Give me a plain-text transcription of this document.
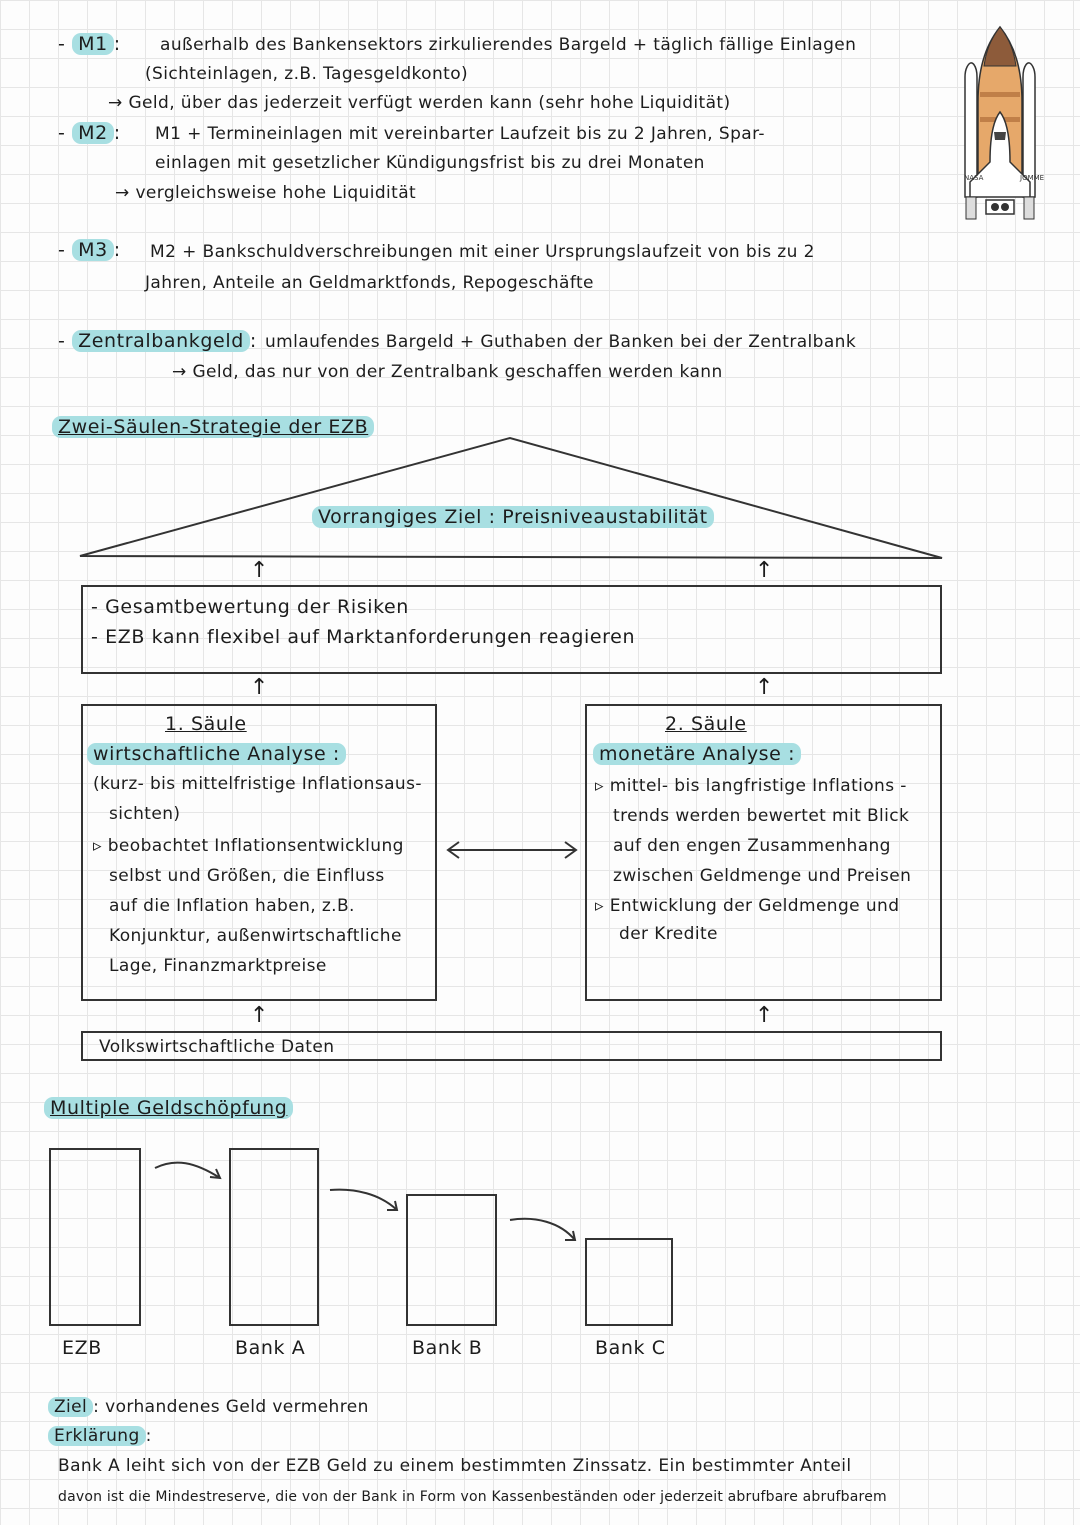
- M1 : außerhalb des Bankensektors zirkulierendes Bargeld + täglich fällige Einlagen
(Sichteinlagen, z.B. Tagesgeldkonto)
→ Geld, über das jederzeit verfügt werden kann (sehr hohe Liquidität)
- M2 : M1 + Termineinlagen mit vereinbarter Laufzeit bis zu 2 Jahren, Spar-
einlagen mit gesetzlicher Kündigungsfrist bis zu drei Monaten
→ vergleichsweise hohe Liquidität
- M3 : M2 + Bankschuldverschreibungen mit einer Ursprungslaufzeit von bis zu 2
Jahren, Anteile an Geldmarktfonds, Repogeschäfte
- Zentralbankgeld : umlaufendes Bargeld + Guthaben der Banken bei der Zentralbank
→ Geld, das nur von der Zentralbank geschaffen werden kann
NASA	JOMME
Zwei-Säulen-Strategie der EZB
Vorrangiges Ziel : Preisniveaustabilität
↑	↑
- Gesamtbewertung der Risiken
- EZB kann flexibel auf Marktanforderungen reagieren
↑	↑
1. Säule
wirtschaftliche Analyse :
(kurz- bis mittelfristige Inflationsaus-
sichten)
▹ beobachtet Inflationsentwicklung
selbst und Größen, die Einfluss
auf die Inflation haben, z.B.
Konjunktur, außenwirtschaftliche
Lage, Finanzmarktpreise
2. Säule
monetäre Analyse :
▹ mittel- bis langfristige Inflations -
trends werden bewertet mit Blick
auf den engen Zusammenhang
zwischen Geldmenge und Preisen
▹ Entwicklung der Geldmenge und
der Kredite
↑	↑
Volkswirtschaftliche Daten
Multiple Geldschöpfung
EZB	Bank A	Bank B	Bank C
Ziel : vorhandenes Geld vermehren
Erklärung :
Bank A leiht sich von der EZB Geld zu einem bestimmten Zinssatz. Ein bestimmter Anteil
davon ist die Mindestreserve, die von der Bank in Form von Kassenbeständen oder jederzeit abrufbare abrufbarem
